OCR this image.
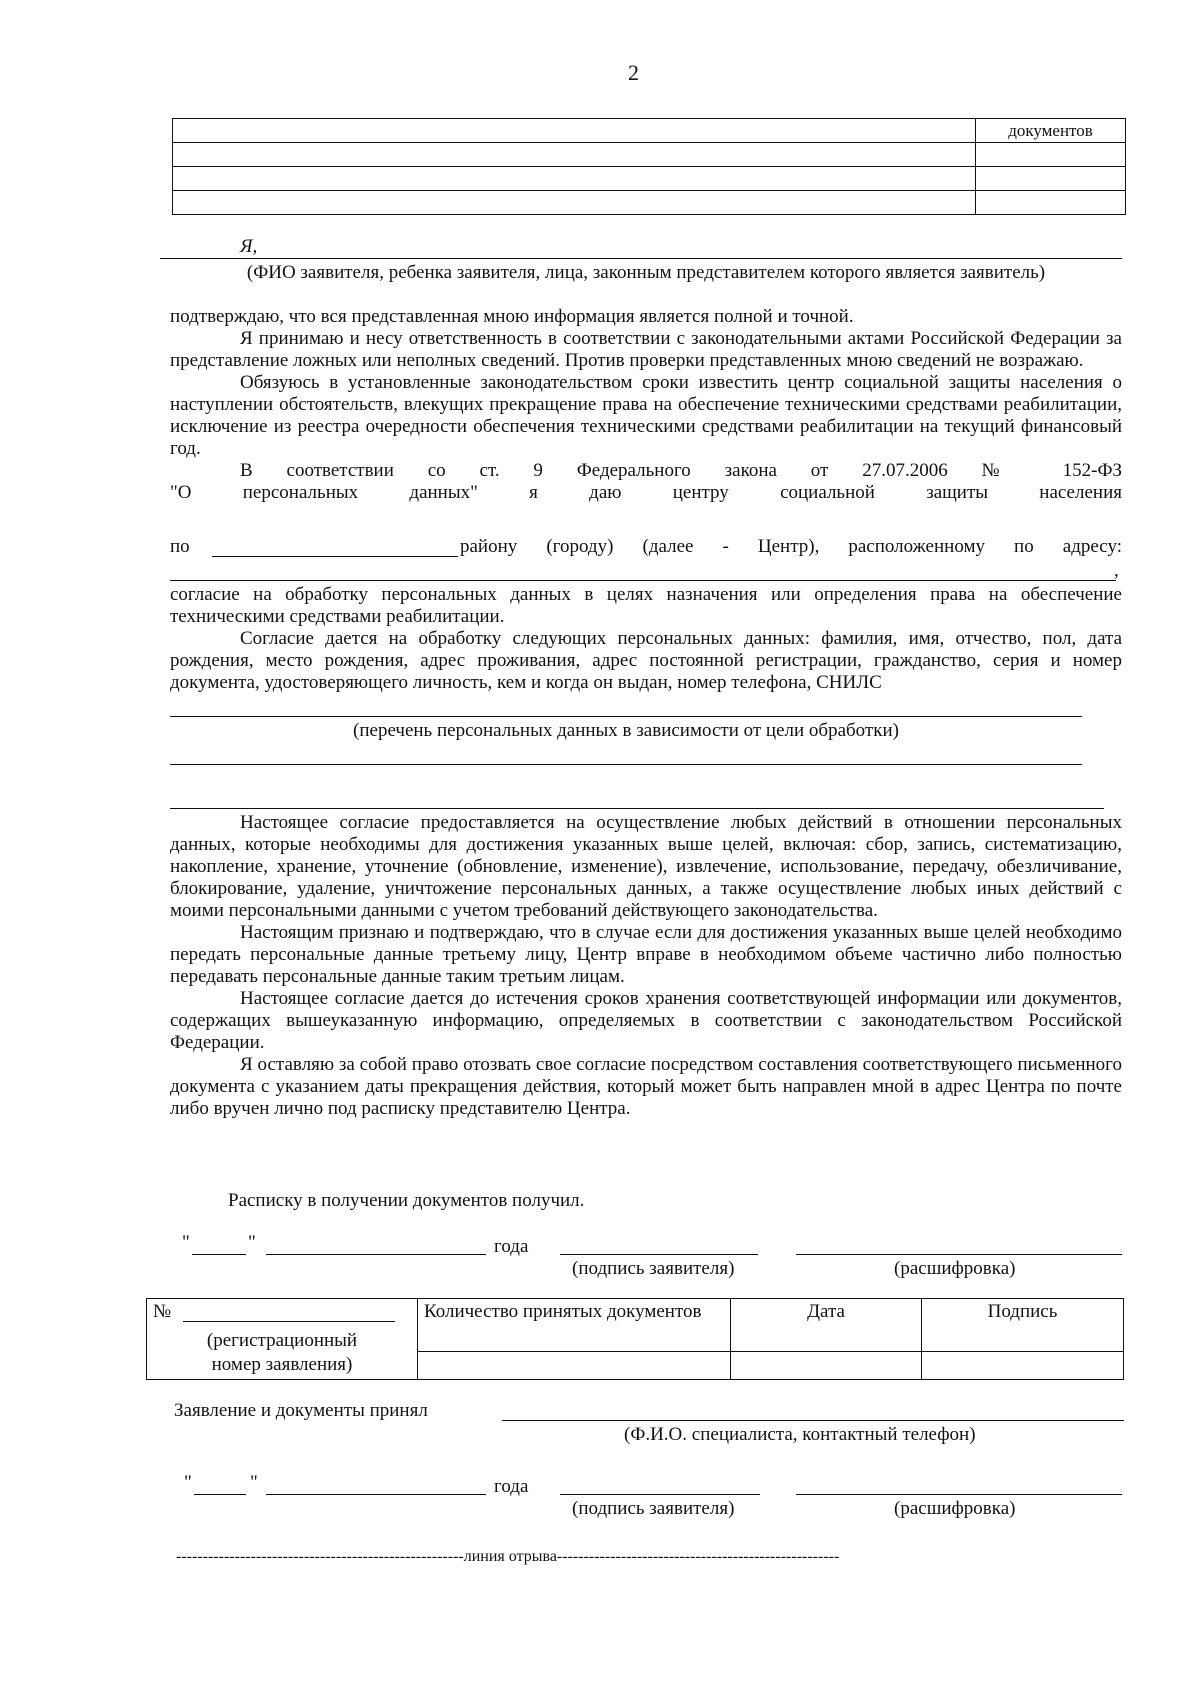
2
	документов

Я,
(ФИО заявителя, ребенка заявителя, лица, законным представителем которого является заявитель)

подтверждаю, что вся представленная мною информация является полной и точной.

Я принимаю и несу ответственность в соответствии с законодательными актами Российской Федерации за представление ложных или неполных сведений. Против проверки представленных мною сведений не возражаю.

Обязуюсь в установленные законодательством сроки известить центр социальной защиты населения о наступлении обстоятельств, влекущих прекращение права на обеспечение техническими средствами реабилитации, исключение из реестра очередности обеспечения техническими средствами реабилитации на текущий финансовый год.

В соответствии со ст. 9 Федерального закона от 27.07.2006 № 152-ФЗ

"О персональных данных" я даю центру социальной защиты населения

по	району (городу) (далее - Центр), расположенному по адресу:
,

согласие на обработку персональных данных в целях назначения или определения права на обеспечение техническими средствами реабилитации.

Согласие дается на обработку следующих персональных данных: фамилия, имя, отчество, пол, дата рождения, место рождения, адрес проживания, адрес постоянной регистрации, гражданство, серия и номер документа, удостоверяющего личность, кем и когда он выдан, номер телефона, СНИЛС

(перечень персональных данных в зависимости от цели обработки)

Настоящее согласие предоставляется на осуществление любых действий в отношении персональных данных, которые необходимы для достижения указанных выше целей, включая: сбор, запись, систематизацию, накопление, хранение, уточнение (обновление, изменение), извлечение, использование, передачу, обезличивание, блокирование, удаление, уничтожение персональных данных, а также осуществление любых иных действий с моими персональными данными с учетом требований действующего законодательства.

Настоящим признаю и подтверждаю, что в случае если для достижения указанных выше целей необходимо передать персональные данные третьему лицу, Центр вправе в необходимом объеме частично либо полностью передавать персональные данные таким третьим лицам.

Настоящее согласие дается до истечения сроков хранения соответствующей информации или документов, содержащих вышеуказанную информацию, определяемых в соответствии с законодательством Российской Федерации.

Я оставляю за собой право отозвать свое согласие посредством составления соответствующего письменного документа с указанием даты прекращения действия, который может быть направлен мной в адрес Центра по почте либо вручен лично под расписку представителю Центра.

Расписку в получении документов получил.
"	"	года
(подпись заявителя)	(расшифровка)
№
(регистрационный
номер заявления)	Количество принятых документов	Дата	Подпись

Заявление и документы принял
(Ф.И.О. специалиста, контактный телефон)
"	"	года
(подпись заявителя)	(расшифровка)
------------------------------------------------------линия отрыва-----------------------------------------------------
